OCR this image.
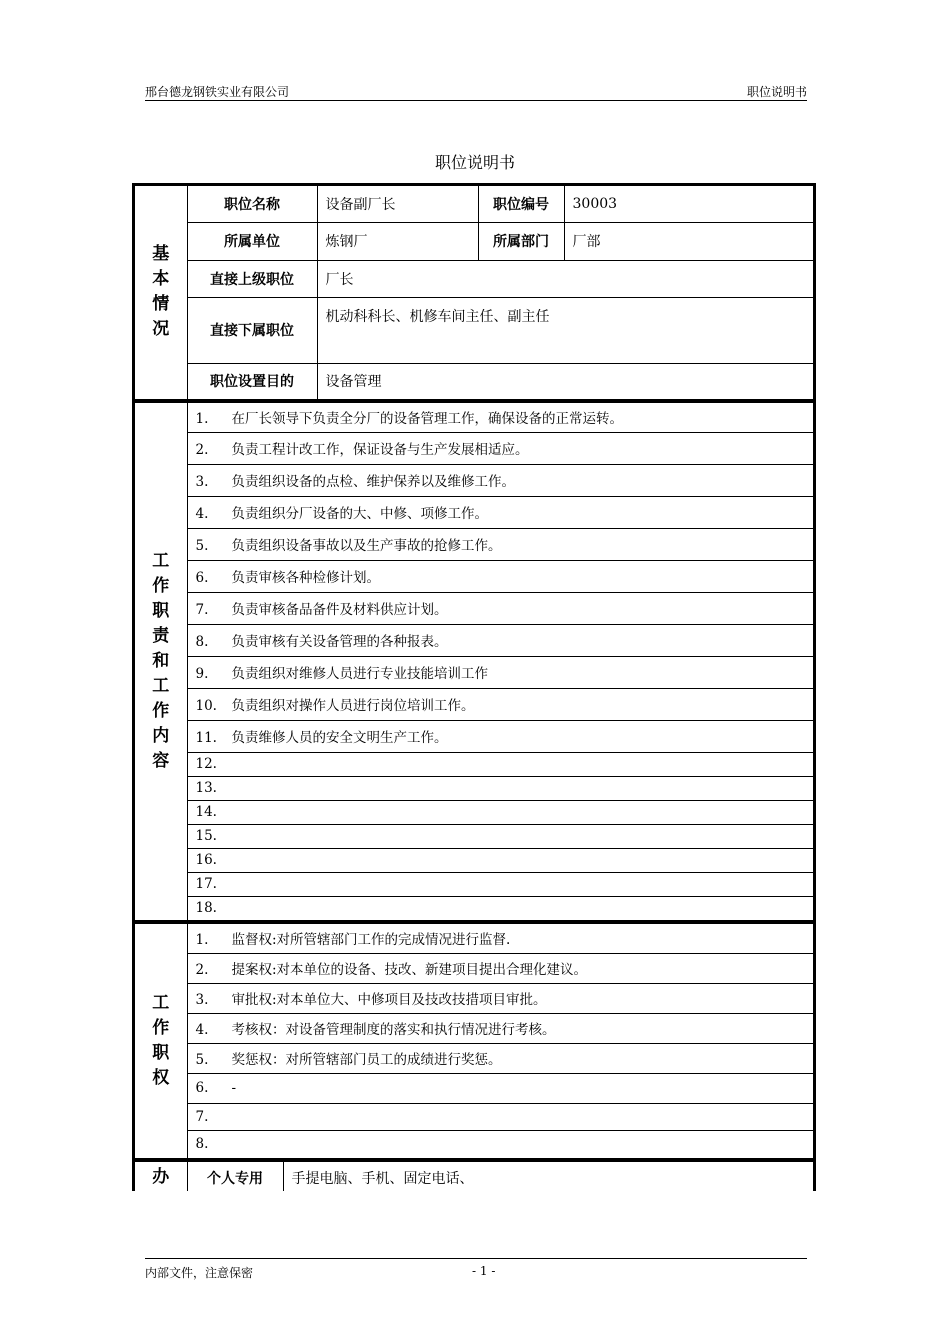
邢台德龙钢铁实业有限公司	职位说明书
职位说明书
基本情况	职位名称	设备副厂长	职位编号	30003
	所属单位	炼钢厂	所属部门	厂部
	直接上级职位	厂长		
	直接下属职位	机动科科长、机修车间主任、副主任		
	职位设置目的	设备管理		
工作职责和工作内容	1. 在厂长领导下负责全分厂的设备管理工作，确保设备的正常运转。
2. 负责工程计改工作，保证设备与生产发展相适应。
3. 负责组织设备的点检、维护保养以及维修工作。
4. 负责组织分厂设备的大、中修、项修工作。
5. 负责组织设备事故以及生产事故的抢修工作。
6. 负责审核各种检修计划。
7. 负责审核备品备件及材料供应计划。
8. 负责审核有关设备管理的各种报表。
9. 负责组织对维修人员进行专业技能培训工作
10. 负责组织对操作人员进行岗位培训工作。
11. 负责维修人员的安全文明生产工作。
12.
13.
14.
15.
16.
17.
18.
工作职权	1. 监督权:对所管辖部门工作的完成情况进行监督.
2. 提案权:对本单位的设备、技改、新建项目提出合理化建议。
3. 审批权:对本单位大、中修项目及技改技措项目审批。
4. 考核权：对设备管理制度的落实和执行情况进行考核。
5. 奖惩权：对所管辖部门员工的成绩进行奖惩。
6. -
7.
8.
办	个人专用	手提电脑、手机、固定电话、
内部文件，注意保密	- 1 -
